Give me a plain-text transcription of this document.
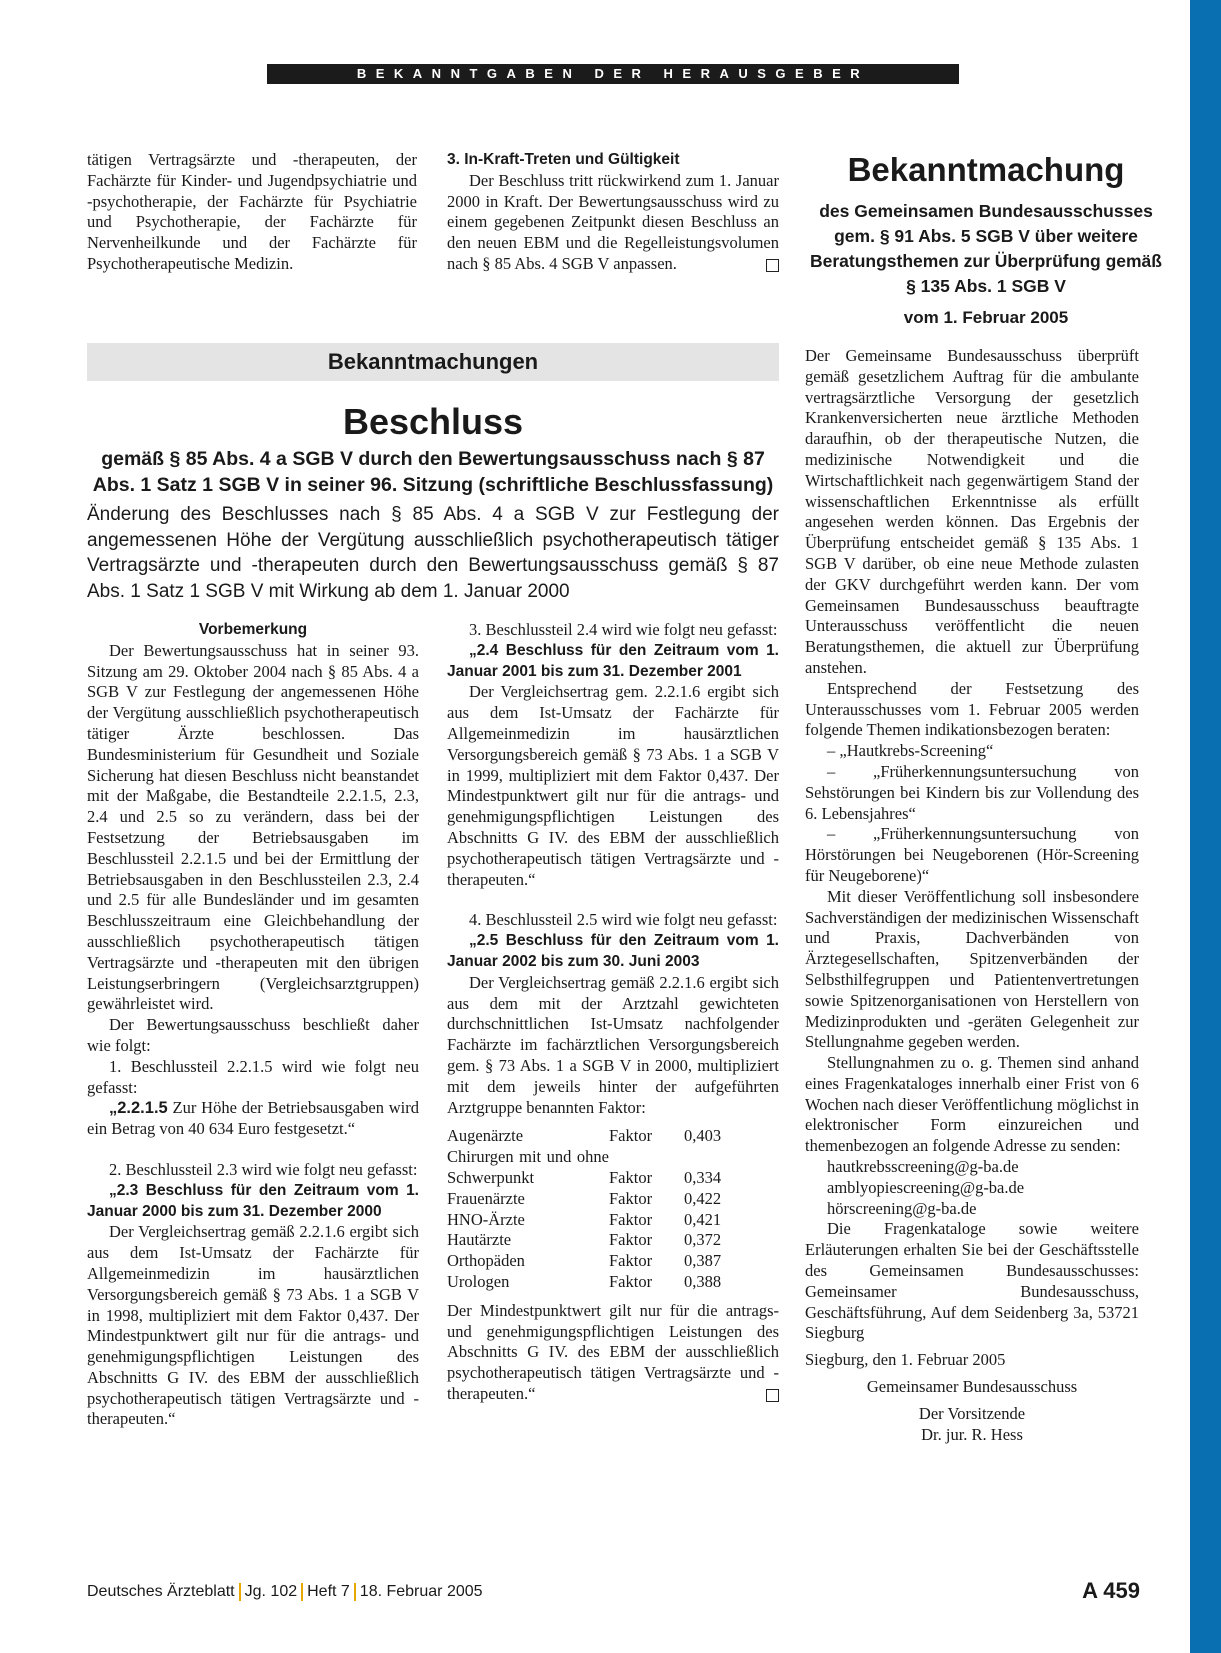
BEKANNTGABEN DER HERAUSGEBER

tätigen Vertragsärzte und -therapeuten, der Fachärzte für Kinder- und Jugendpsychiatrie und -psychotherapie, der Fachärzte für Psychiatrie und Psychotherapie, der Fachärzte für Nervenheilkunde und der Fachärzte für Psychotherapeutische Medizin.

3. In-Kraft-Treten und Gültigkeit

Der Beschluss tritt rückwirkend zum 1. Januar 2000 in Kraft. Der Bewertungsausschuss wird zu einem gegebenen Zeitpunkt diesen Beschluss an den neuen EBM und die Regelleistungsvolumen nach § 85 Abs. 4 SGB V anpassen.

Bekanntmachungen
Beschluss
gemäß § 85 Abs. 4 a SGB V durch den Bewertungsausschuss nach § 87 Abs. 1 Satz 1 SGB V in seiner 96. Sitzung (schriftliche Beschlussfassung)
Änderung des Beschlusses nach § 85 Abs. 4 a SGB V zur Festlegung der angemessenen Höhe der Vergütung ausschließlich psychotherapeutisch tätiger Vertragsärzte und -therapeuten durch den Bewertungsausschuss gemäß § 87 Abs. 1 Satz 1 SGB V mit Wirkung ab dem 1. Januar 2000

Vorbemerkung

Der Bewertungsausschuss hat in seiner 93. Sitzung am 29. Oktober 2004 nach § 85 Abs. 4 a SGB V zur Festlegung der angemessenen Höhe der Vergütung ausschließlich psychotherapeutisch tätiger Ärzte beschlossen. Das Bundesministerium für Gesundheit und Soziale Sicherung hat diesen Beschluss nicht beanstandet mit der Maßgabe, die Bestandteile 2.2.1.5, 2.3, 2.4 und 2.5 so zu verändern, dass bei der Festsetzung der Betriebsausgaben im Beschlussteil 2.2.1.5 und bei der Ermittlung der Betriebsausgaben in den Beschlussteilen 2.3, 2.4 und 2.5 für alle Bundesländer und im gesamten Beschlusszeitraum eine Gleichbehandlung der ausschließlich psychotherapeutisch tätigen Vertragsärzte und -therapeuten mit den übrigen Leistungserbringern (Vergleichsarztgruppen) gewährleistet wird.

Der Bewertungsausschuss beschließt daher wie folgt:

1. Beschlussteil 2.2.1.5 wird wie folgt neu gefasst:

„2.2.1.5 Zur Höhe der Betriebsausgaben wird ein Betrag von 40 634 Euro festgesetzt.“

2. Beschlussteil 2.3 wird wie folgt neu gefasst:

„2.3 Beschluss für den Zeitraum vom 1. Januar 2000 bis zum 31. Dezember 2000

Der Vergleichsertrag gemäß 2.2.1.6 ergibt sich aus dem Ist-Umsatz der Fachärzte für Allgemeinmedizin im hausärztlichen Versorgungsbereich gemäß § 73 Abs. 1 a SGB V in 1998, multipliziert mit dem Faktor 0,437. Der Mindestpunktwert gilt nur für die antrags- und genehmigungspflichtigen Leistungen des Abschnitts G IV. des EBM der ausschließlich psychotherapeutisch tätigen Vertragsärzte und -therapeuten.“

3. Beschlussteil 2.4 wird wie folgt neu gefasst:

„2.4 Beschluss für den Zeitraum vom 1. Januar 2001 bis zum 31. Dezember 2001

Der Vergleichsertrag gem. 2.2.1.6 ergibt sich aus dem Ist-Umsatz der Fachärzte für Allgemeinmedizin im hausärztlichen Versorgungsbereich gemäß § 73 Abs. 1 a SGB V in 1999, multipliziert mit dem Faktor 0,437. Der Mindestpunktwert gilt nur für die antrags- und genehmigungspflichtigen Leistungen des Abschnitts G IV. des EBM der ausschließlich psychotherapeutisch tätigen Vertragsärzte und -therapeuten.“

4. Beschlussteil 2.5 wird wie folgt neu gefasst:

„2.5 Beschluss für den Zeitraum vom 1. Januar 2002 bis zum 30. Juni 2003

Der Vergleichsertrag gemäß 2.2.1.6 ergibt sich aus dem mit der Arztzahl gewichteten durchschnittlichen Ist-Umsatz nachfolgender Fachärzte im fachärztlichen Versorgungsbereich gem. § 73 Abs. 1 a SGB V in 2000, multipliziert mit dem jeweils hinter der aufgeführten Arztgruppe benannten Faktor:

Augenärzte	Faktor	0,403
Chirurgen mit und ohne Schwerpunkt	Faktor	0,334
Frauenärzte	Faktor	0,422
HNO-Ärzte	Faktor	0,421
Hautärzte	Faktor	0,372
Orthopäden	Faktor	0,387
Urologen	Faktor	0,388

Der Mindestpunktwert gilt nur für die antrags- und genehmigungspflichtigen Leistungen des Abschnitts G IV. des EBM der ausschließlich psychotherapeutisch tätigen Vertragsärzte und -therapeuten.“

Bekanntmachung
des Gemeinsamen Bundesausschusses gem. § 91 Abs. 5 SGB V über weitere Beratungsthemen zur Überprüfung gemäß § 135 Abs. 1 SGB V
vom 1. Februar 2005

Der Gemeinsame Bundesausschuss überprüft gemäß gesetzlichem Auftrag für die ambulante vertragsärztliche Versorgung der gesetzlich Krankenversicherten neue ärztliche Methoden daraufhin, ob der therapeutische Nutzen, die medizinische Notwendigkeit und die Wirtschaftlichkeit nach gegenwärtigem Stand der wissenschaftlichen Erkenntnisse als erfüllt angesehen werden können. Das Ergebnis der Überprüfung entscheidet gemäß § 135 Abs. 1 SGB V darüber, ob eine neue Methode zulasten der GKV durchgeführt werden kann. Der vom Gemeinsamen Bundesausschuss beauftragte Unterausschuss veröffentlicht die neuen Beratungsthemen, die aktuell zur Überprüfung anstehen.

Entsprechend der Festsetzung des Unterausschusses vom 1. Februar 2005 werden folgende Themen indikationsbezogen beraten:

– „Hautkrebs-Screening“

– „Früherkennungsuntersuchung von Sehstörungen bei Kindern bis zur Vollendung des 6. Lebensjahres“

– „Früherkennungsuntersuchung von Hörstörungen bei Neugeborenen (Hör-Screening für Neugeborene)“

Mit dieser Veröffentlichung soll insbesondere Sachverständigen der medizinischen Wissenschaft und Praxis, Dachverbänden von Ärztegesellschaften, Spitzenverbänden der Selbsthilfegruppen und Patientenvertretungen sowie Spitzenorganisationen von Herstellern von Medizinprodukten und -geräten Gelegenheit zur Stellungnahme gegeben werden.

Stellungnahmen zu o. g. Themen sind anhand eines Fragenkataloges innerhalb einer Frist von 6 Wochen nach dieser Veröffentlichung möglichst in elektronischer Form einzureichen und themenbezogen an folgende Adresse zu senden:

hautkrebsscreening@g-ba.de

amblyopiescreening@g-ba.de

hörscreening@g-ba.de

Die Fragenkataloge sowie weitere Erläuterungen erhalten Sie bei der Geschäftsstelle des Gemeinsamen Bundesausschusses: Gemeinsamer Bundesausschuss, Geschäftsführung, Auf dem Seidenberg 3a, 53721 Siegburg

Siegburg, den 1. Februar 2005

Gemeinsamer Bundesausschuss

Der Vorsitzende

Dr. jur. R. Hess

Deutsches Ärzteblatt Jg. 102 Heft 7 18. Februar 2005	A 459
